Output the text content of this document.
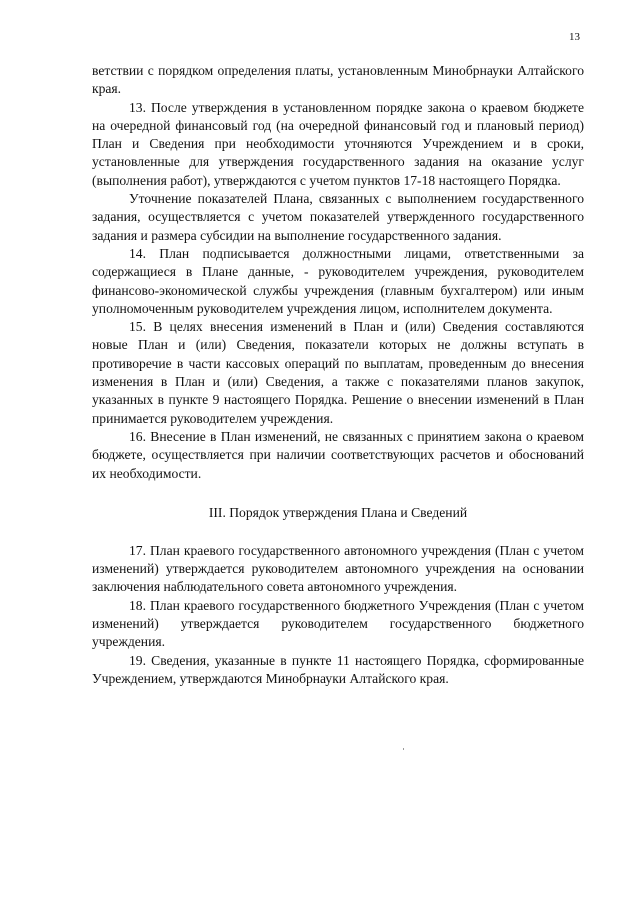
13

ветствии с порядком определения платы, установленным Минобрнауки Алтайского края.

13. После утверждения в установленном порядке закона о краевом бюджете на очередной финансовый год (на очередной финансовый год и плановый период) План и Сведения при необходимости уточняются Учреждением и в сроки, установленные для утверждения государственного задания на оказание услуг (выполнения работ), утверждаются с учетом пунктов 17-18 настоящего Порядка.

Уточнение показателей Плана, связанных с выполнением государственного задания, осуществляется с учетом показателей утвержденного государственного задания и размера субсидии на выполнение государственного задания.

14. План подписывается должностными лицами, ответственными за содержащиеся в Плане данные, - руководителем учреждения, руководителем финансово-экономической службы учреждения (главным бухгалтером) или иным уполномоченным руководителем учреждения лицом, исполнителем документа.

15. В целях внесения изменений в План и (или) Сведения составляются новые План и (или) Сведения, показатели которых не должны вступать в противоречие в части кассовых операций по выплатам, проведенным до внесения изменения в План и (или) Сведения, а также с показателями планов закупок, указанных в пункте 9 настоящего Порядка. Решение о внесении изменений в План принимается руководителем учреждения.

16. Внесение в План изменений, не связанных с принятием закона о краевом бюджете, осуществляется при наличии соответствующих расчетов и обоснований их необходимости.

III. Порядок утверждения Плана и Сведений

17. План краевого государственного автономного учреждения (План с учетом изменений) утверждается руководителем автономного учреждения на основании заключения наблюдательного совета автономного учреждения.

18. План краевого государственного бюджетного Учреждения (План с учетом изменений) утверждается руководителем государственного бюджетного учреждения.

19. Сведения, указанные в пункте 11 настоящего Порядка, сформированные Учреждением, утверждаются Минобрнауки Алтайского края.
